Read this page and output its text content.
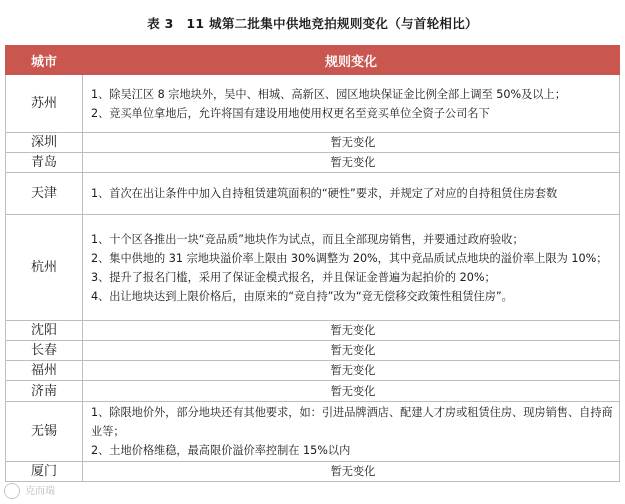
表 3　11 城第二批集中供地竞拍规则变化（与首轮相比）
城市	规则变化
苏州	1、除吴江区 8 宗地块外，吴中、相城、高新区、园区地块保证金比例全部上调至 50%及以上；
2、竞买单位拿地后，允许将国有建设用地使用权更名至竞买单位全资子公司名下

深圳	暂无变化
青岛	暂无变化
天津	1、首次在出让条件中加入自持租赁建筑面积的“硬性”要求，并规定了对应的自持租赁住房套数

杭州	1、十个区各推出一块“竞品质”地块作为试点，而且全部现房销售，并要通过政府验收；
2、集中供地的 31 宗地块溢价率上限由 30%调整为 20%，其中竞品质试点地块的溢价率上限为 10%；
3、提升了报名门槛，采用了保证金模式报名，并且保证金普遍为起拍价的 20%；
4、出让地块达到上限价格后，由原来的“竞自持”改为“竞无偿移交政策性租赁住房”。

沈阳	暂无变化
长春	暂无变化
福州	暂无变化
济南	暂无变化
无锡	1、除限地价外，部分地块还有其他要求，如：引进品牌酒店、配建人才房或租赁住房、现房销售、自持商业等；
2、土地价格维稳，最高限价溢价率控制在 15%以内

厦门	暂无变化
克而瑞
